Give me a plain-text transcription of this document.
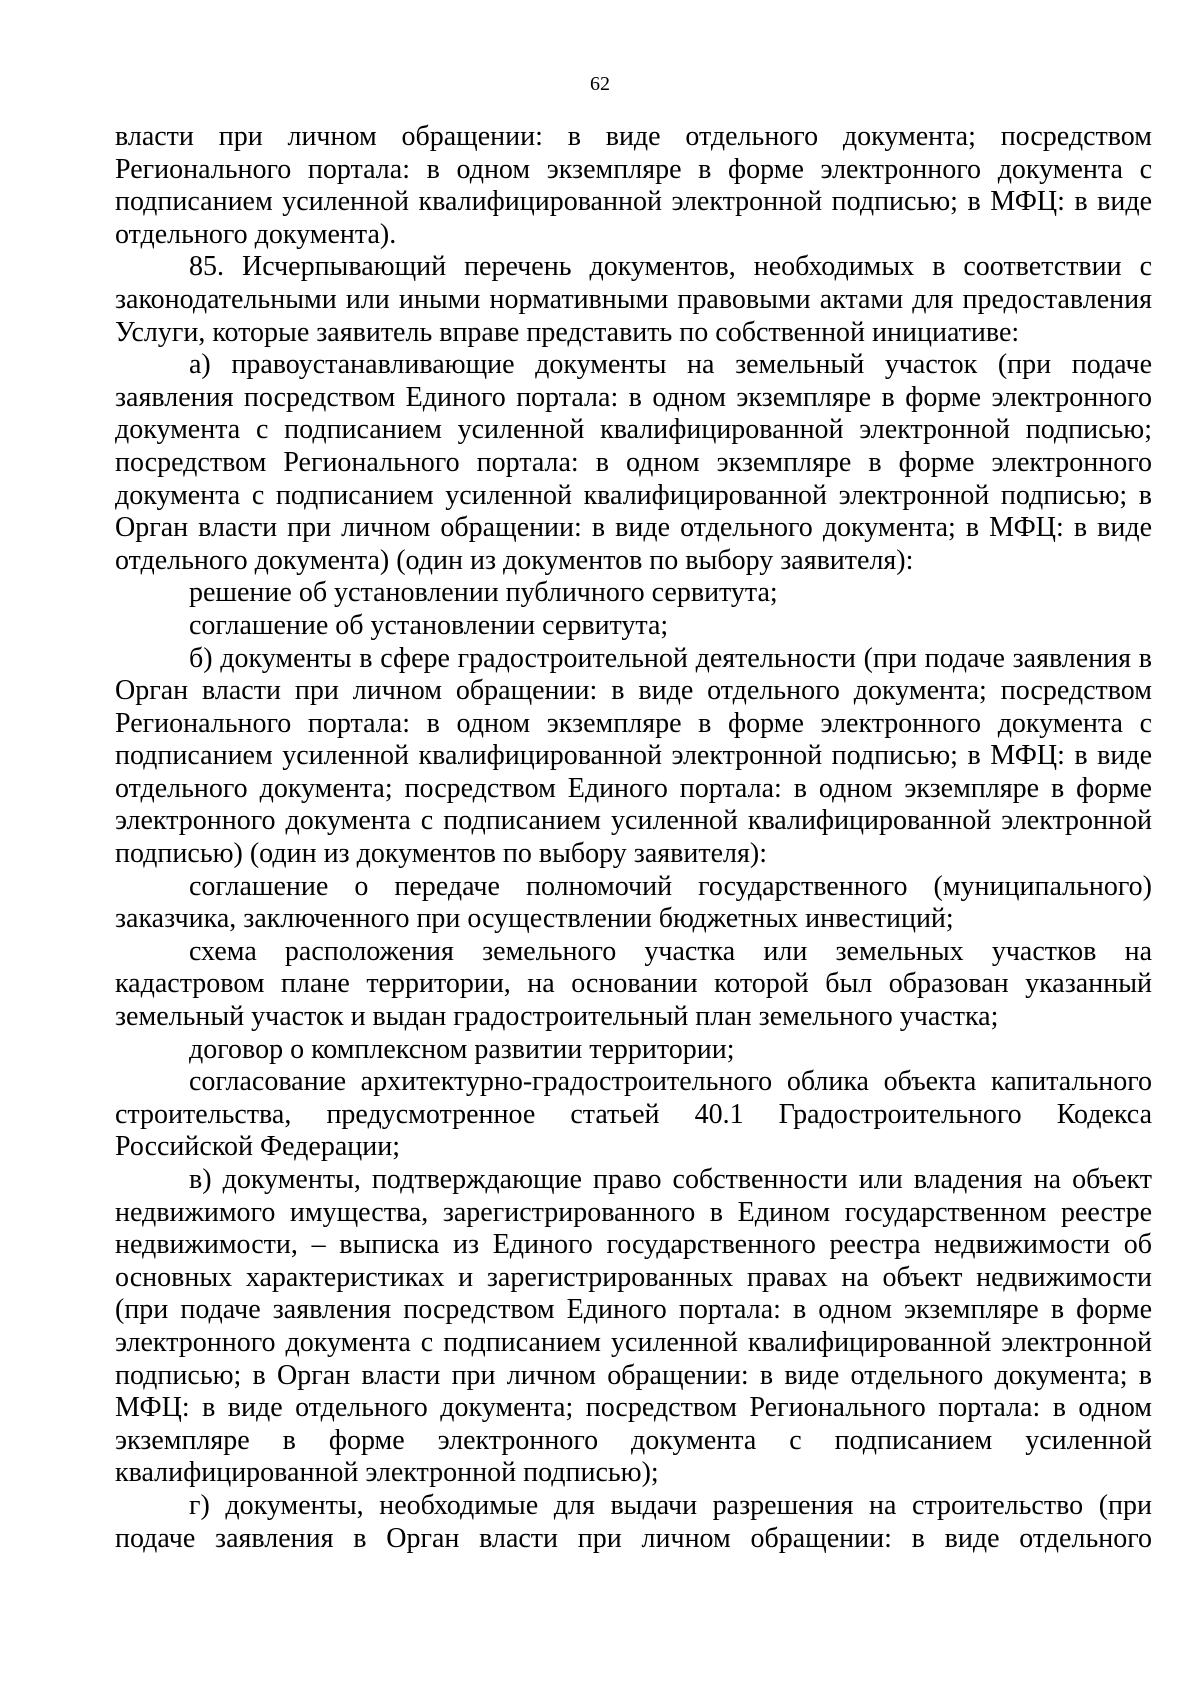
62

власти при личном обращении: в виде отдельного документа; посредством Регионального портала: в одном экземпляре в форме электронного документа с подписанием усиленной квалифицированной электронной подписью; в МФЦ: в виде отдельного документа).

85. Исчерпывающий перечень документов, необходимых в соответствии с законодательными или иными нормативными правовыми актами для предоставления Услуги, которые заявитель вправе представить по собственной инициативе:

а) правоустанавливающие документы на земельный участок (при подаче заявления посредством Единого портала: в одном экземпляре в форме электронного документа с подписанием усиленной квалифицированной электронной подписью; посредством Регионального портала: в одном экземпляре в форме электронного документа с подписанием усиленной квалифицированной электронной подписью; в Орган власти при личном обращении: в виде отдельного документа; в МФЦ: в виде отдельного документа) (один из документов по выбору заявителя):

решение об установлении публичного сервитута;

соглашение об установлении сервитута;

б) документы в сфере градостроительной деятельности (при подаче заявления в Орган власти при личном обращении: в виде отдельного документа; посредством Регионального портала: в одном экземпляре в форме электронного документа с подписанием усиленной квалифицированной электронной подписью; в МФЦ: в виде отдельного документа; посредством Единого портала: в одном экземпляре в форме электронного документа с подписанием усиленной квалифицированной электронной подписью) (один из документов по выбору заявителя):

соглашение о передаче полномочий государственного (муниципального) заказчика, заключенного при осуществлении бюджетных инвестиций;

схема расположения земельного участка или земельных участков на кадастровом плане территории, на основании которой был образован указанный земельный участок и выдан градостроительный план земельного участка;

договор о комплексном развитии территории;

согласование архитектурно-градостроительного облика объекта капитального строительства, предусмотренное статьей 40.1 Градостроительного Кодекса Российской Федерации;

в) документы, подтверждающие право собственности или владения на объект недвижимого имущества, зарегистрированного в Едином государственном реестре недвижимости, – выписка из Единого государственного реестра недвижимости об основных характеристиках и зарегистрированных правах на объект недвижимости (при подаче заявления посредством Единого портала: в одном экземпляре в форме электронного документа с подписанием усиленной квалифицированной электронной подписью; в Орган власти при личном обращении: в виде отдельного документа; в МФЦ: в виде отдельного документа; посредством Регионального портала: в одном экземпляре в форме электронного документа с подписанием усиленной квалифицированной электронной подписью);

г) документы, необходимые для выдачи разрешения на строительство (при подаче заявления в Орган власти при личном обращении: в виде отдельного
